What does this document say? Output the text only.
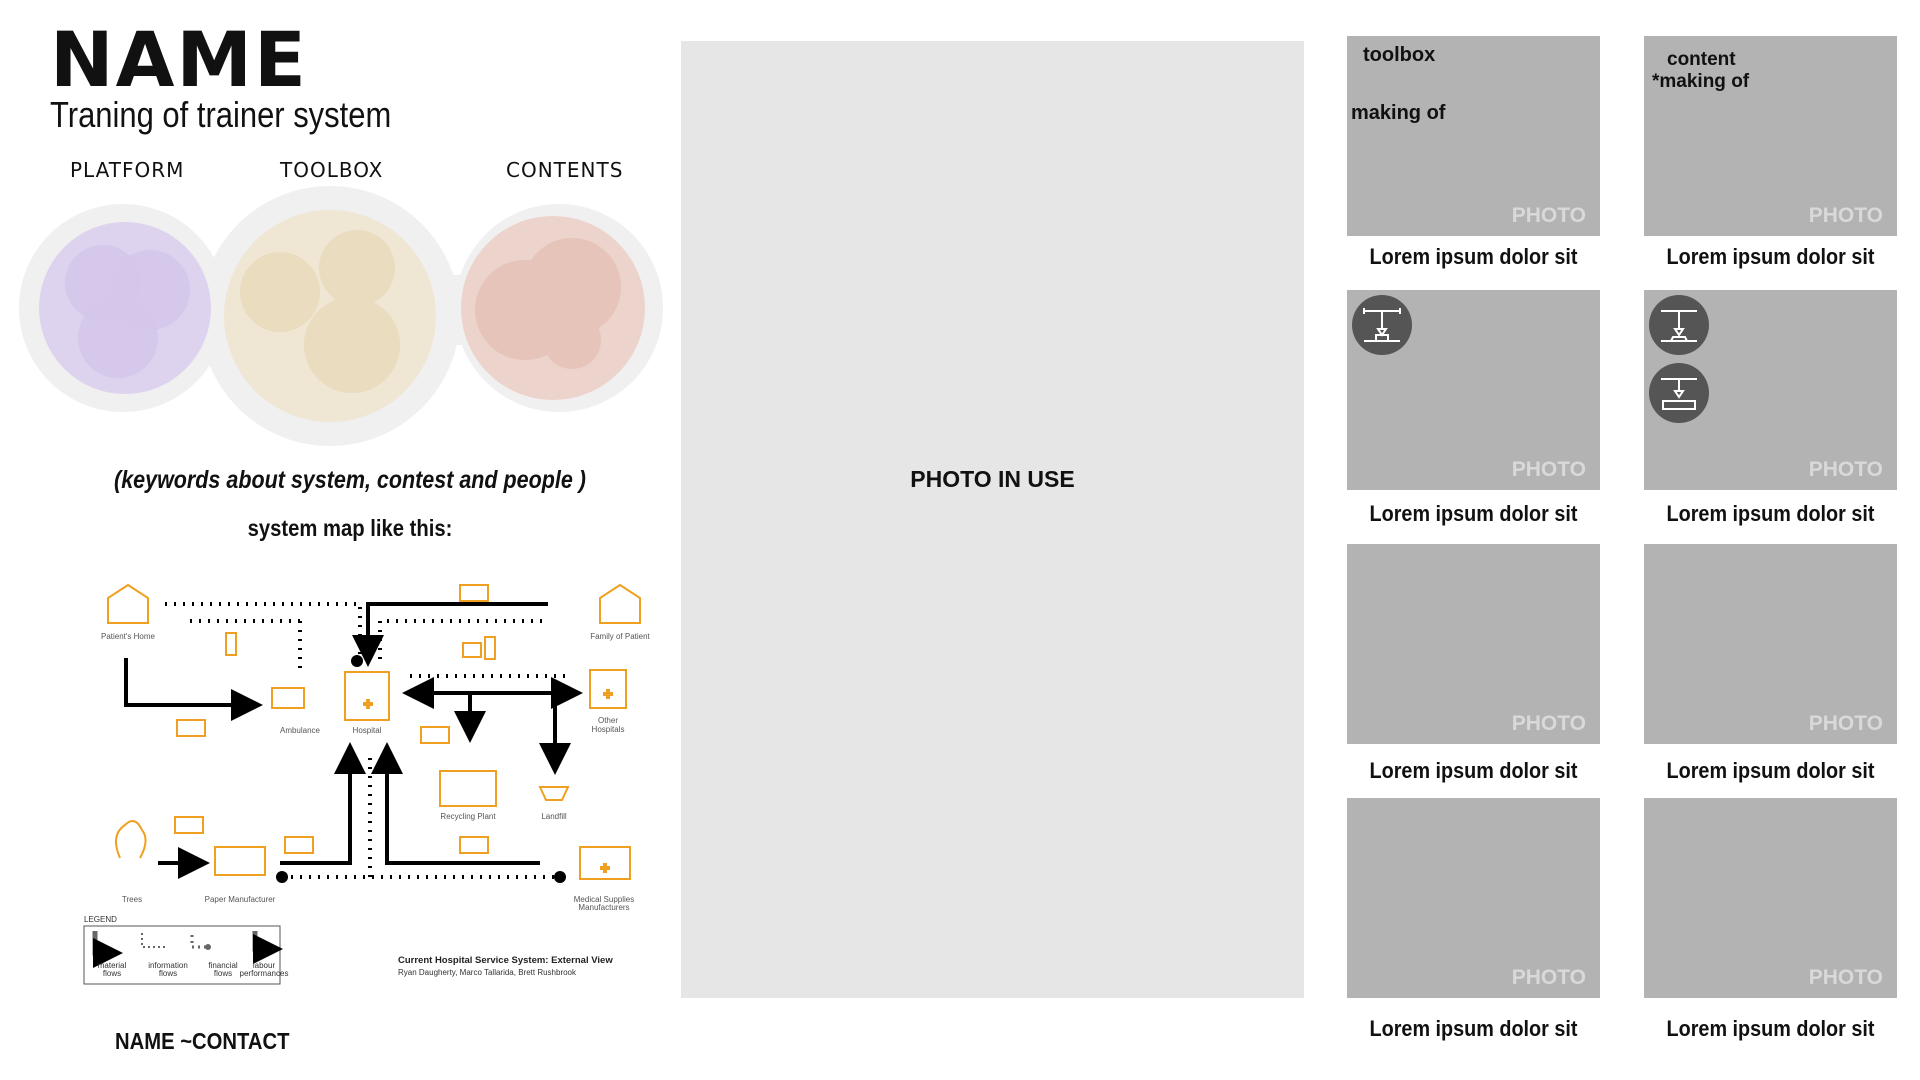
NAME
Traning of trainer system
PLATFORM	TOOLBOX	CONTENTS
(keywords about system, contest and people )
system map like this:
Patient's Home	Family of Patient
Ambulance	Hospital
Other
Hospitals
Recycling Plant	Landfill
Trees	Paper Manufacturer	Medical Supplies
Manufacturers
LEGEND
material
flows
information
flows
financial
flows
labour
performances
Current Hospital Service System: External View
Ryan Daugherty, Marco Tallarida, Brett Rushbrook
NAME ~CONTACT
PHOTO IN USE
toolbox
making of
PHOTO
Lorem ipsum dolor sit
content
*making of
PHOTO
Lorem ipsum dolor sit
PHOTO
Lorem ipsum dolor sit
PHOTO
Lorem ipsum dolor sit
PHOTO
Lorem ipsum dolor sit
PHOTO
Lorem ipsum dolor sit
PHOTO
Lorem ipsum dolor sit
PHOTO
Lorem ipsum dolor sit
